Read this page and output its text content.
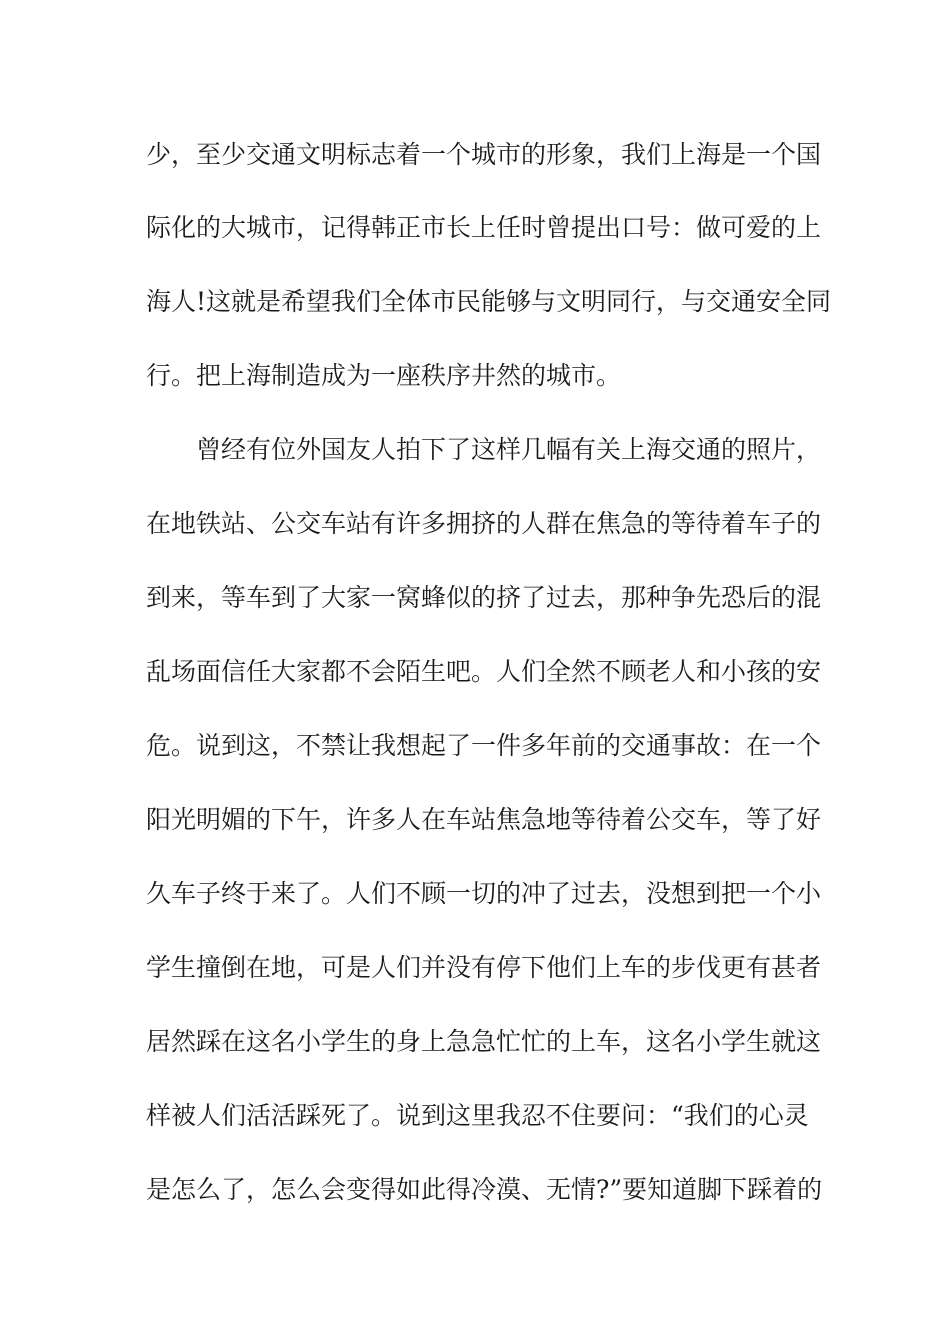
少，至少交通文明标志着一个城市的形象，我们上海是一个国
际化的大城市，记得韩正市长上任时曾提出口号：做可爱的上
海人!这就是希望我们全体市民能够与文明同行，与交通安全同
行。把上海制造成为一座秩序井然的城市。
曾经有位外国友人拍下了这样几幅有关上海交通的照片，
在地铁站、公交车站有许多拥挤的人群在焦急的等待着车子的
到来，等车到了大家一窝蜂似的挤了过去，那种争先恐后的混
乱场面信任大家都不会陌生吧。人们全然不顾老人和小孩的安
危。说到这，不禁让我想起了一件多年前的交通事故：在一个
阳光明媚的下午，许多人在车站焦急地等待着公交车，等了好
久车子终于来了。人们不顾一切的冲了过去，没想到把一个小
学生撞倒在地，可是人们并没有停下他们上车的步伐更有甚者
居然踩在这名小学生的身上急急忙忙的上车，这名小学生就这
样被人们活活踩死了。说到这里我忍不住要问：“我们的心灵
是怎么了，怎么会变得如此得冷漠、无情?”要知道脚下踩着的
